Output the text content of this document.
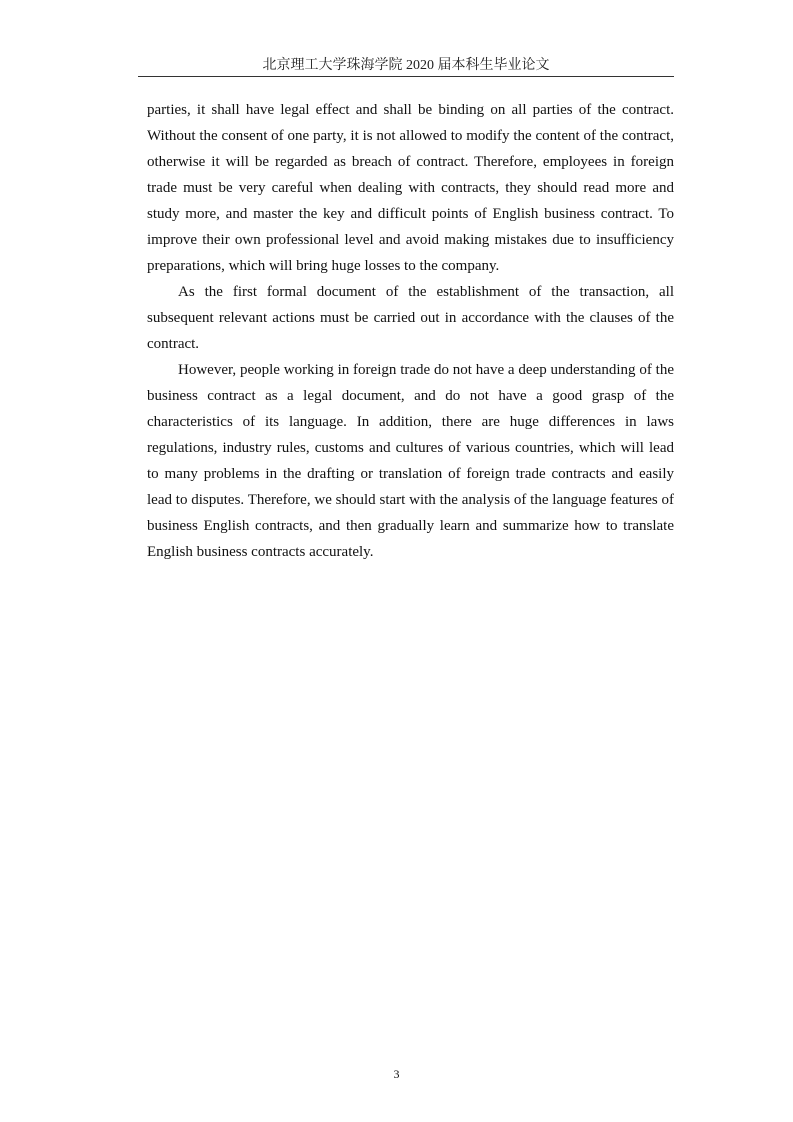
北京理工大学珠海学院 2020 届本科生毕业论文

parties, it shall have legal effect and shall be binding on all parties of the contract. Without the consent of one party, it is not allowed to modify the content of the contract, otherwise it will be regarded as breach of contract. Therefore, employees in foreign trade must be very careful when dealing with contracts, they should read more and study more, and master the key and difficult points of English business contract. To improve their own professional level and avoid making mistakes due to insufficiency preparations, which will bring huge losses to the company.

As the first formal document of the establishment of the transaction, all subsequent relevant actions must be carried out in accordance with the clauses of the contract.

However, people working in foreign trade do not have a deep understanding of the business contract as a legal document, and do not have a good grasp of the characteristics of its language. In addition, there are huge differences in laws regulations, industry rules, customs and cultures of various countries, which will lead to many problems in the drafting or translation of foreign trade contracts and easily lead to disputes. Therefore, we should start with the analysis of the language features of business English contracts, and then gradually learn and summarize how to translate English business contracts accurately.

3
